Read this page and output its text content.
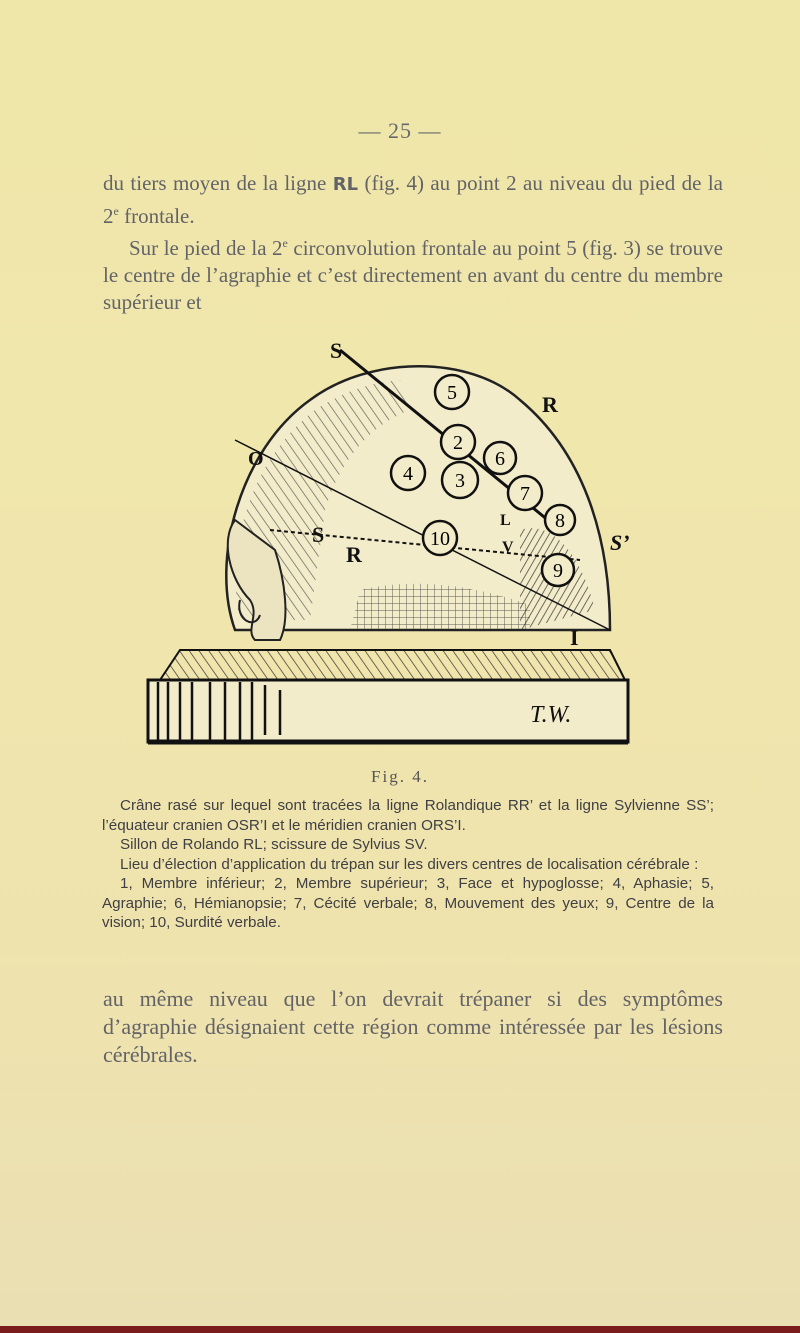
— 25 —

du tiers moyen de la ligne RL (fig. 4) au point 2 au niveau du pied de la 2e frontale.

Sur le pied de la 2e circonvolution frontale au point 5 (fig. 3) se trouve le centre de l’agraphie et c’est directement en avant du centre du membre supérieur et

5
2
4 3
6
7
8
10
9
S
R
O
S
R	S’
I
L
V
T.W.
Fig. 4.

Crâne rasé sur lequel sont tracées la ligne Rolandique RR’ et la ligne Sylvienne SS’; l’équateur cranien OSR’I et le méridien cranien ORS’I.

Sillon de Rolando RL; scissure de Sylvius SV.

Lieu d’élection d’application du trépan sur les divers centres de localisation cérébrale :

1, Membre inférieur; 2, Membre supérieur; 3, Face et hypoglosse; 4, Aphasie; 5, Agraphie; 6, Hémianopsie; 7, Cécité verbale; 8, Mouvement des yeux; 9, Centre de la vision; 10, Surdité verbale.

au même niveau que l’on devrait trépaner si des symptômes d’agraphie désignaient cette région comme intéressée par les lésions cérébrales.
